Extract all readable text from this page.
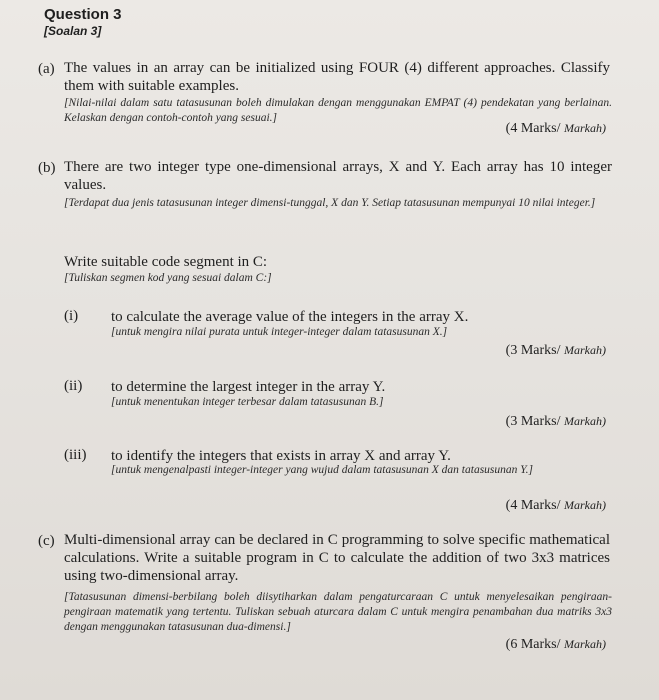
Question 3
[Soalan 3]
(a) The values in an array can be initialized using FOUR (4) different approaches. Classify them with suitable examples.
[Nilai-nilai dalam satu tatasusunan boleh dimulakan dengan menggunakan EMPAT (4) pendekatan yang berlainan. Kelaskan dengan contoh-contoh yang sesuai.]
(4 Marks/ Markah)
(b) There are two integer type one-dimensional arrays, X and Y. Each array has 10 integer values.
[Terdapat dua jenis tatasusunan integer dimensi-tunggal, X dan Y. Setiap tatasusunan mempunyai 10 nilai integer.]
Write suitable code segment in C:
[Tuliskan segmen kod yang sesuai dalam C:]
(i) to calculate the average value of the integers in the array X.
[untuk mengira nilai purata untuk integer-integer dalam tatasusunan X.]
(3 Marks/ Markah)
(ii) to determine the largest integer in the array Y.
[untuk menentukan integer terbesar dalam tatasusunan B.]
(3 Marks/ Markah)
(iii) to identify the integers that exists in array X and array Y.
[untuk mengenalpasti integer-integer yang wujud dalam tatasusunan X dan tatasusunan Y.]
(4 Marks/ Markah)
(c) Multi-dimensional array can be declared in C programming to solve specific mathematical calculations. Write a suitable program in C to calculate the addition of two 3x3 matrices using two-dimensional array.
[Tatasusunan dimensi-berbilang boleh diisytiharkan dalam pengaturcaraan C untuk menyelesaikan pengiraan-pengiraan matematik yang tertentu. Tuliskan sebuah aturcara dalam C untuk mengira penambahan dua matriks 3x3 dengan menggunakan tatasusunan dua-dimensi.]
(6 Marks/ Markah)
